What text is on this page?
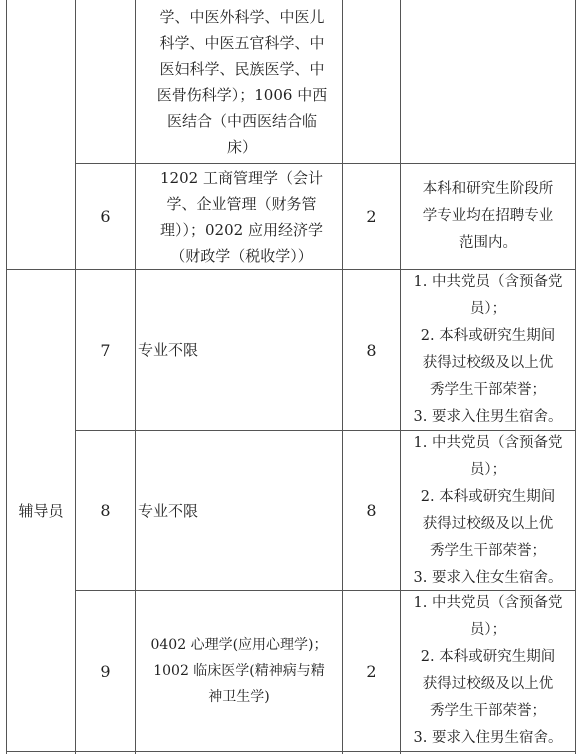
学、中医外科学、中医儿
科学、中医五官科学、中
医妇科学、民族医学、中
医骨伤科学）；1006 中西
医结合（中西医结合临
床）
6
1202 工商管理学（会计
学、企业管理（财务管
理））；0202 应用经济学
（财政学（税收学））
2
本科和研究生阶段所
学专业均在招聘专业
范围内。
辅导员
7 专业不限	8
1. 中共党员（含预备党
员）；
2. 本科或研究生期间
获得过校级及以上优
秀学生干部荣誉；
3. 要求入住男生宿舍。
8 专业不限	8
1. 中共党员（含预备党
员）；
2. 本科或研究生期间
获得过校级及以上优
秀学生干部荣誉；
3. 要求入住女生宿舍。
9
0402 心理学(应用心理学)；
1002 临床医学(精神病与精
神卫生学)
2
1. 中共党员（含预备党
员）；
2. 本科或研究生期间
获得过校级及以上优
秀学生干部荣誉；
3. 要求入住男生宿舍。
